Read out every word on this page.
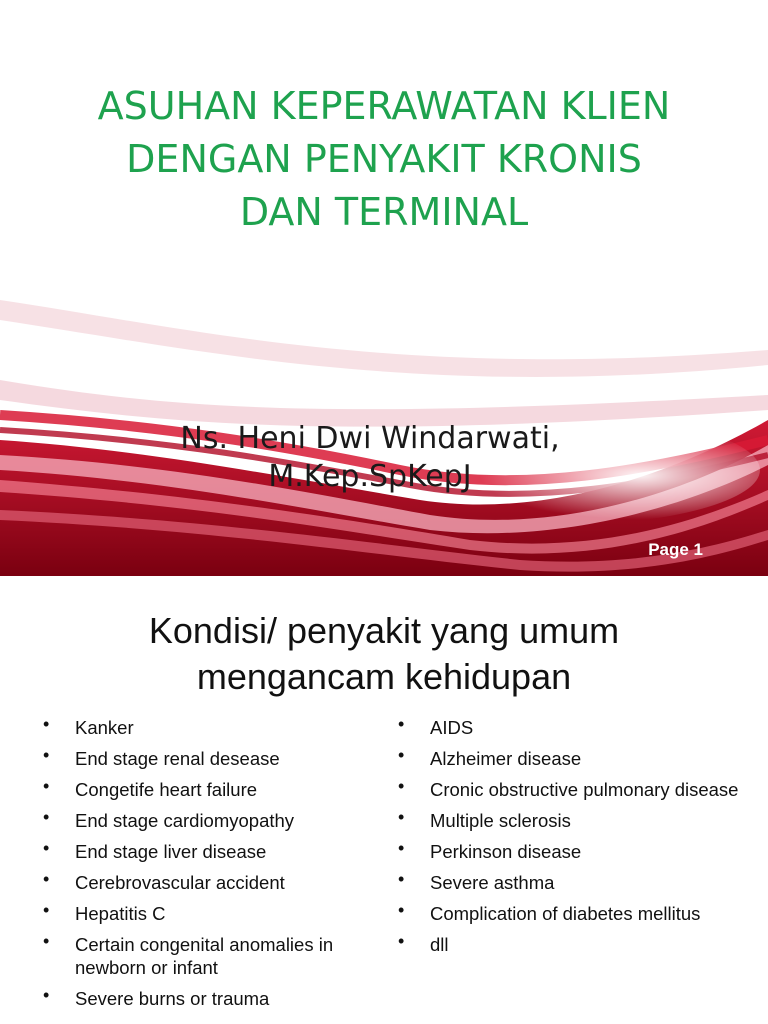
ASUHAN KEPERAWATAN KLIEN
DENGAN PENYAKIT KRONIS
DAN TERMINAL
Ns. Heni Dwi Windarwati,
M.Kep.SpKepJ
Page 1
Kondisi/ penyakit yang umum
mengancam kehidupan
• Kanker
• End stage renal desease
• Congetife heart failure
• End stage cardiomyopathy
• End stage liver disease
• Cerebrovascular accident
• Hepatitis C
• Certain congenital anomalies in newborn or infant
• Severe burns or trauma
• AIDS
• Alzheimer disease
• Cronic obstructive pulmonary disease
• Multiple sclerosis
• Perkinson disease
• Severe asthma
• Complication of diabetes mellitus
• dll
